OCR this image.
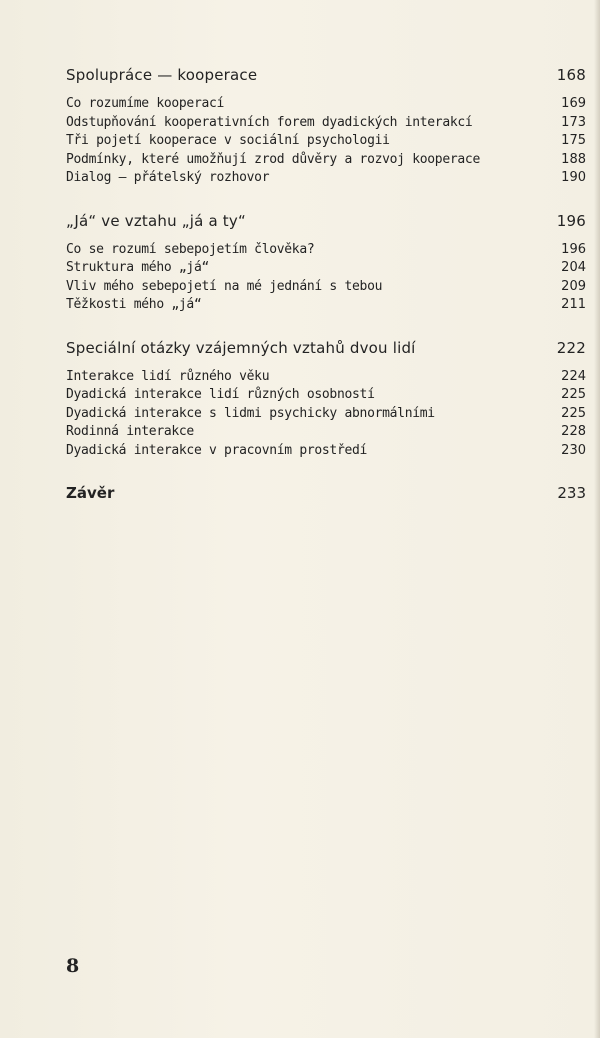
Spolupráce — kooperace	168
Co rozumíme kooperací	169
Odstupňování kooperativních forem dyadických interakcí	173
Tři pojetí kooperace v sociální psychologii	175
Podmínky, které umožňují zrod důvěry a rozvoj kooperace	188
Dialog — přátelský rozhovor	190
„Já“ ve vztahu „já a ty“	196
Co se rozumí sebepojetím člověka?	196
Struktura mého „já“	204
Vliv mého sebepojetí na mé jednání s tebou	209
Těžkosti mého „já“	211
Speciální otázky vzájemných vztahů dvou lidí	222
Interakce lidí různého věku	224
Dyadická interakce lidí různých osobností	225
Dyadická interakce s lidmi psychicky abnormálními	225
Rodinná interakce	228
Dyadická interakce v pracovním prostředí	230
Závěr	233
8
